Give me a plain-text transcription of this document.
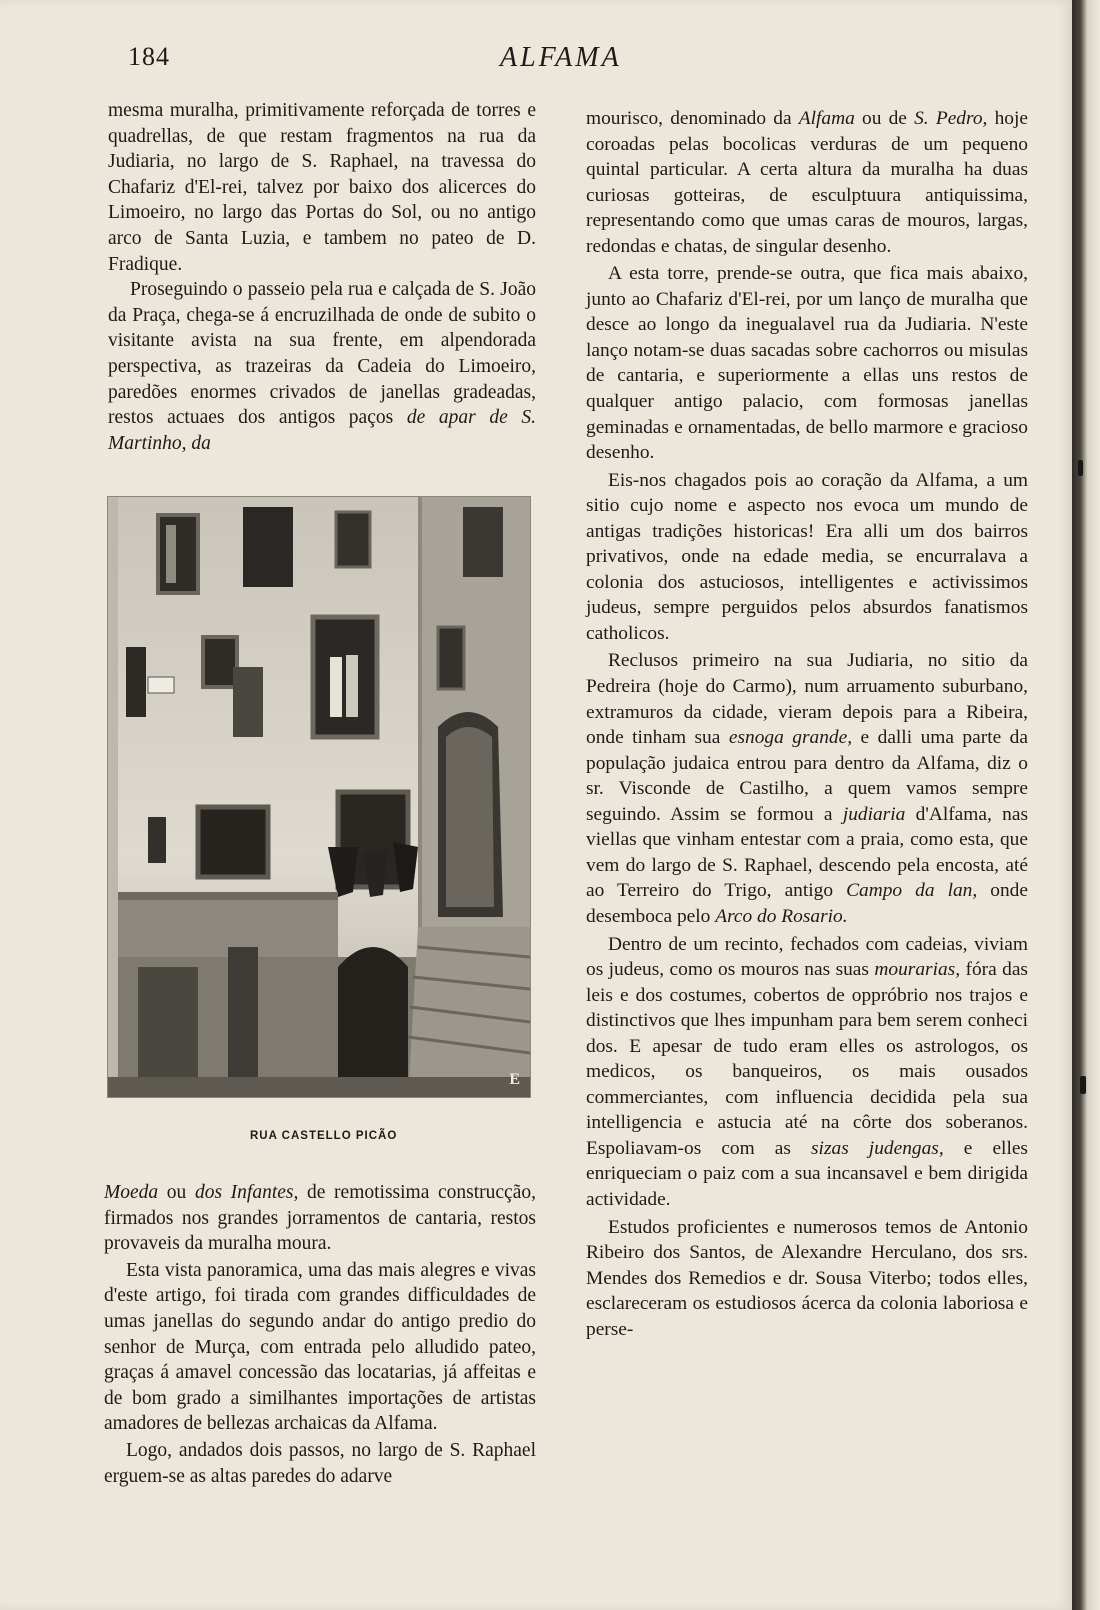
184	ALFAMA

mesma muralha, primitivamente reforçada de torres e quadrellas, de que restam fragmentos na rua da Judiaria, no largo de S. Raphael, na travessa do Chafariz d'El-rei, talvez por baixo dos alicerces do Limoeiro, no largo das Portas do Sol, ou no antigo arco de Santa Luzia, e tambem no pateo de D. Fradique.

Proseguindo o passeio pela rua e calçada de S. João da Praça, chega-se á encruzilhada de onde de subito o visitante avista na sua frente, em alpendorada perspectiva, as trazeiras da Cadeia do Limoeiro, paredões enormes crivados de janellas gradeadas, restos actuaes dos antigos paços de apar de S. Martinho, da

E
RUA CASTELLO PICÃO

Moeda ou dos Infantes, de remotissima construcção, firmados nos grandes jorramentos de cantaria, restos provaveis da muralha moura.

Esta vista panoramica, uma das mais alegres e vivas d'este artigo, foi tirada com grandes difficuldades de umas janellas do segundo andar do antigo predio do senhor de Murça, com entrada pelo alludido pateo, graças á amavel concessão das locatarias, já affeitas e de bom grado a similhantes importações de artistas amadores de bellezas archaicas da Alfama.

Logo, andados dois passos, no largo de S. Raphael erguem-se as altas paredes do adarve

mourisco, denominado da Alfama ou de S. Pedro, hoje coroadas pelas bocolicas verduras de um pequeno quintal particular. A certa altura da muralha ha duas curiosas gotteiras, de esculptuura antiquissima, representando como que umas caras de mouros, largas, redondas e chatas, de singular desenho.

A esta torre, prende-se outra, que fica mais abaixo, junto ao Chafariz d'El-rei, por um lanço de muralha que desce ao longo da inegualavel rua da Judiaria. N'este lanço notam-se duas sacadas sobre cachorros ou misulas de cantaria, e superiormente a ellas uns restos de qualquer antigo palacio, com formosas janellas geminadas e ornamentadas, de bello marmore e gracioso desenho.

Eis-nos chagados pois ao coração da Alfama, a um sitio cujo nome e aspecto nos evoca um mundo de antigas tradições historicas! Era alli um dos bairros privativos, onde na edade media, se encurralava a colonia dos astuciosos, intelligentes e activissimos judeus, sempre perguidos pelos absurdos fanatismos catholicos.

Reclusos primeiro na sua Judiaria, no sitio da Pedreira (hoje do Carmo), num arruamento suburbano, extramuros da cidade, vieram depois para a Ribeira, onde tinham sua esnoga grande, e dalli uma parte da população judaica entrou para dentro da Alfama, diz o sr. Visconde de Castilho, a quem vamos sempre seguindo. Assim se formou a judiaria d'Alfama, nas viellas que vinham entestar com a praia, como esta, que vem do largo de S. Raphael, descendo pela encosta, até ao Terreiro do Trigo, antigo Campo da lan, onde desemboca pelo Arco do Rosario.

Dentro de um recinto, fechados com cadeias, viviam os judeus, como os mouros nas suas mourarias, fóra das leis e dos costumes, cobertos de oppróbrio nos trajos e distinctivos que lhes impunham para bem serem conheci dos. E apesar de tudo eram elles os astrologos, os medicos, os banqueiros, os mais ousados commerciantes, com influencia decidida pela sua intelligencia e astucia até na côrte dos soberanos. Espoliavam-os com as sizas judengas, e elles enriqueciam o paiz com a sua incansavel e bem dirigida actividade.

Estudos proficientes e numerosos temos de Antonio Ribeiro dos Santos, de Alexandre Herculano, dos srs. Mendes dos Remedios e dr. Sousa Viterbo; todos elles, esclareceram os estudiosos ácerca da colonia laboriosa e perse-
